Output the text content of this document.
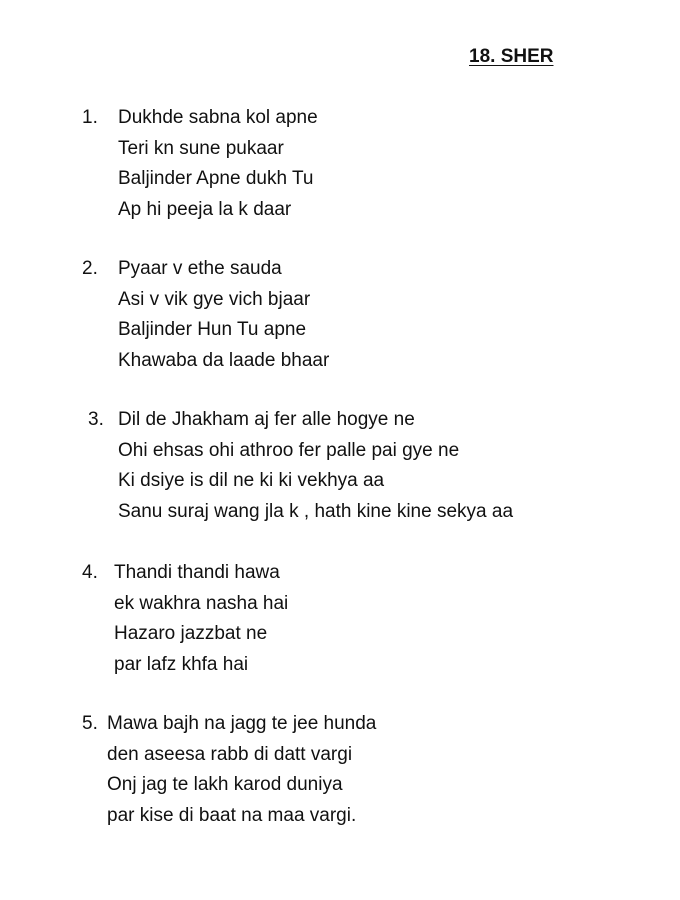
18. SHER
1. Dukhde sabna kol apne
Teri kn sune pukaar
Baljinder Apne dukh Tu
Ap hi peeja la k daar
2. Pyaar v ethe sauda
Asi v vik gye vich bjaar
Baljinder Hun Tu apne
Khawaba da laade bhaar
3. Dil de Jhakham aj fer alle hogye ne
Ohi ehsas ohi athroo fer palle pai gye ne
Ki dsiye is dil ne ki ki vekhya aa
Sanu suraj wang jla k , hath kine kine sekya aa
4. Thandi thandi hawa
ek wakhra nasha hai
Hazaro jazzbat ne
par lafz khfa hai
5. Mawa bajh na jagg te jee hunda
den aseesa rabb di datt vargi
Onj jag te lakh karod duniya
par kise di baat na maa vargi.
